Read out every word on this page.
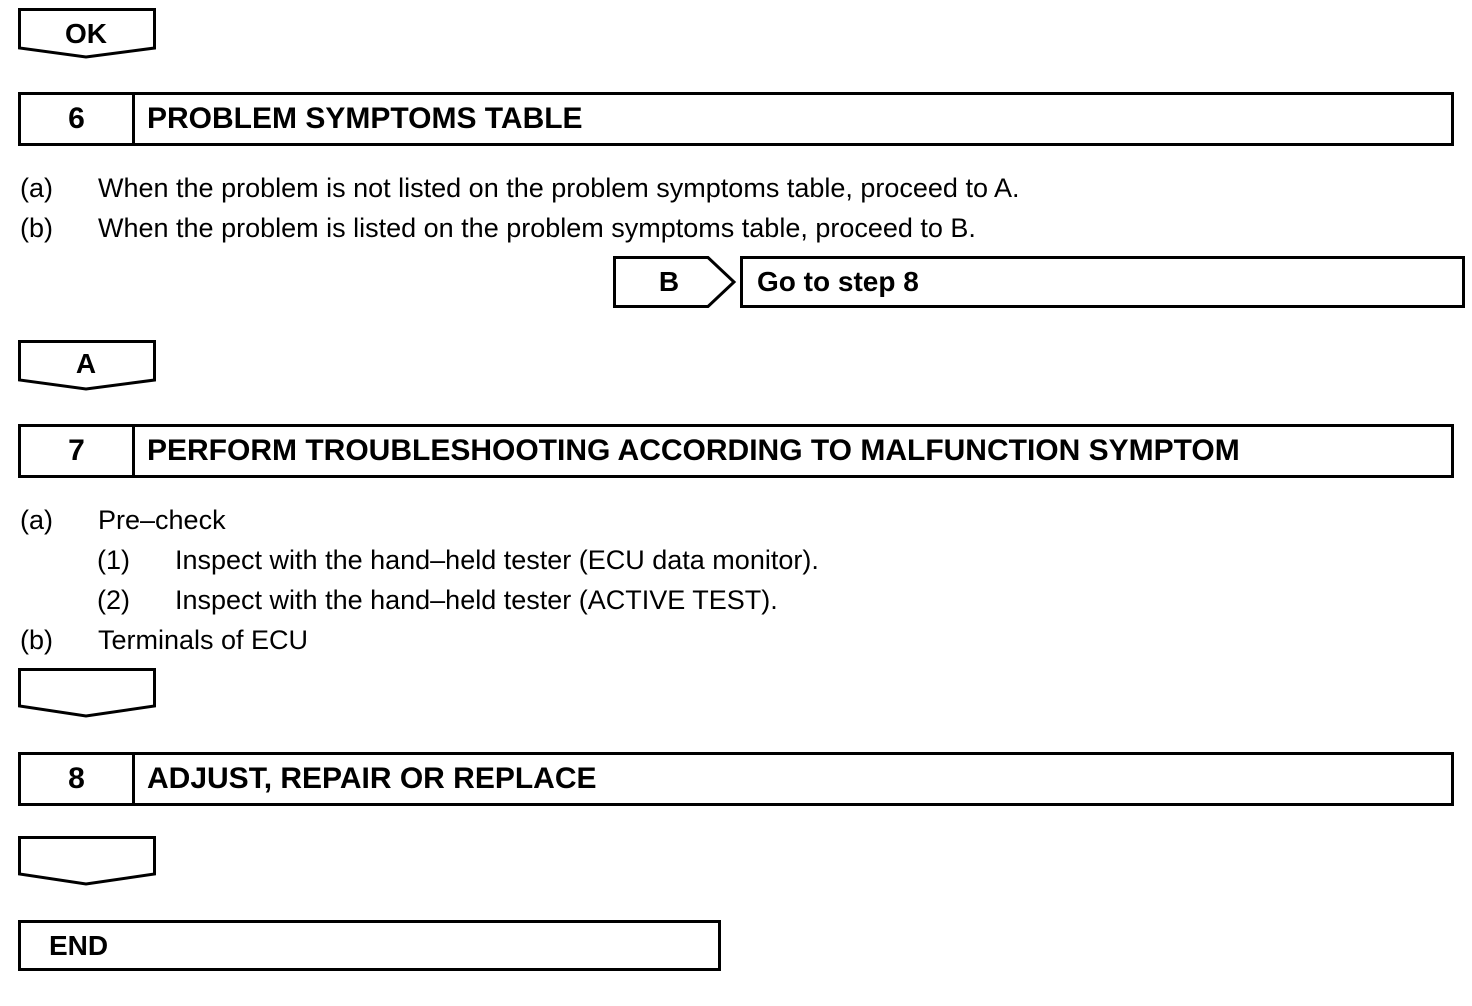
OK
6	PROBLEM SYMPTOMS TABLE
(a) When the problem is not listed on the problem symptoms table, proceed to A.
(b) When the problem is listed on the problem symptoms table, proceed to B.
B	Go to step 8
A
7	PERFORM TROUBLESHOOTING ACCORDING TO MALFUNCTION SYMPTOM
(a) Pre–check
(1) Inspect with the hand–held tester (ECU data monitor).
(2) Inspect with the hand–held tester (ACTIVE TEST).
(b) Terminals of ECU
8	ADJUST, REPAIR OR REPLACE
END
